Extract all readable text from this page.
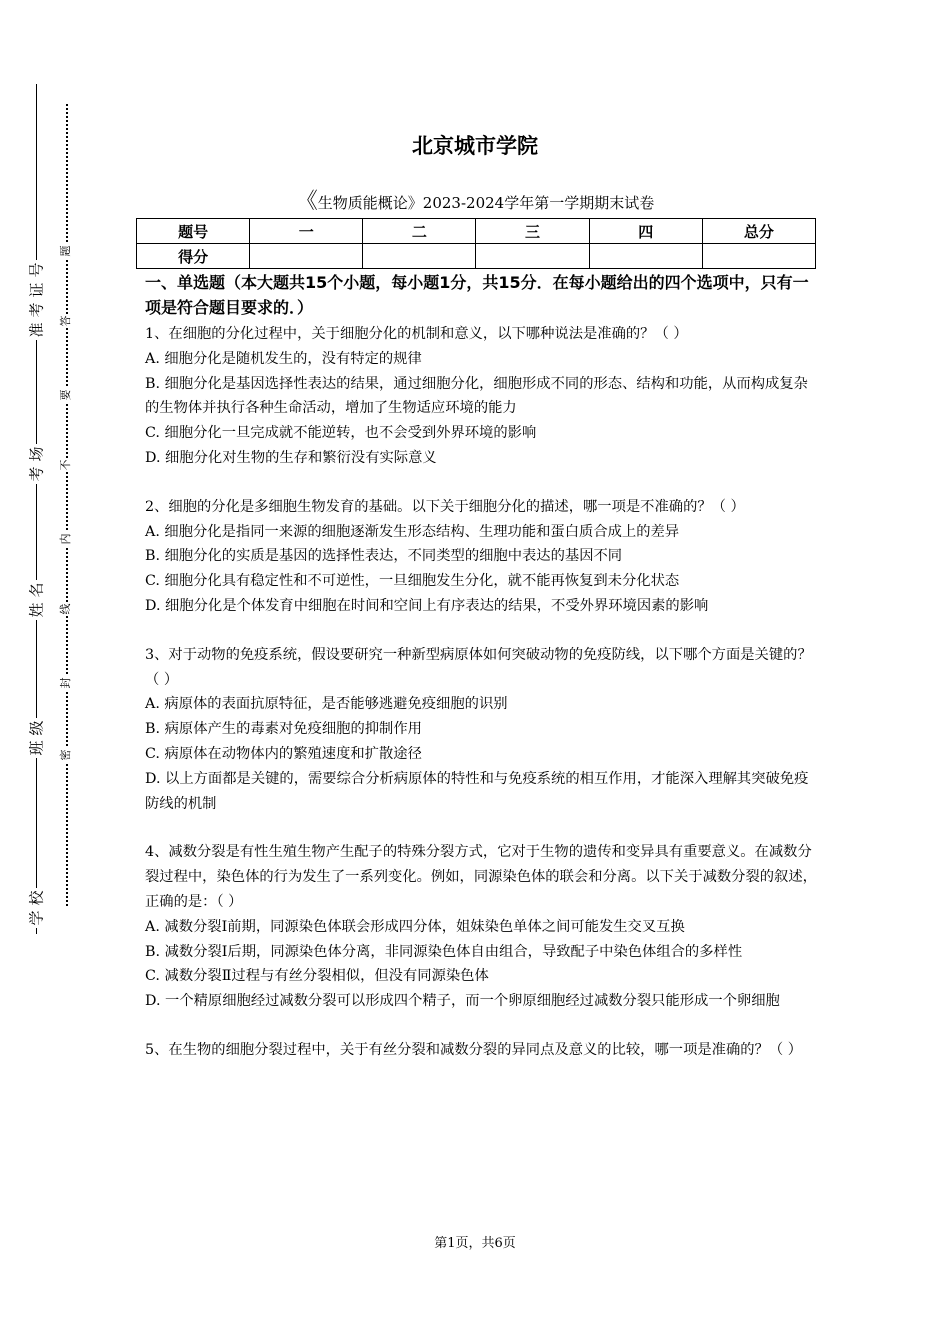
号
证
考
准
场
考
名
姓
级
班
校
学
题
答
要
不
内
线
封
密
北京城市学院
《生物质能概论》2023-2024学年第一学期期末试卷
题号	一	二	三	四	总分
得分					
一、单选题（本大题共15个小题，每小题1分，共15分．在每小题给出的四个选项中，只有一项是符合题目要求的．）

1、在细胞的分化过程中，关于细胞分化的机制和意义，以下哪种说法是准确的？（ ）

A. 细胞分化是随机发生的，没有特定的规律

B. 细胞分化是基因选择性表达的结果，通过细胞分化，细胞形成不同的形态、结构和功能，从而构成复杂的生物体并执行各种生命活动，增加了生物适应环境的能力

C. 细胞分化一旦完成就不能逆转，也不会受到外界环境的影响

D. 细胞分化对生物的生存和繁衍没有实际意义

2、细胞的分化是多细胞生物发育的基础。以下关于细胞分化的描述，哪一项是不准确的？（ ）

A. 细胞分化是指同一来源的细胞逐渐发生形态结构、生理功能和蛋白质合成上的差异

B. 细胞分化的实质是基因的选择性表达，不同类型的细胞中表达的基因不同

C. 细胞分化具有稳定性和不可逆性，一旦细胞发生分化，就不能再恢复到未分化状态

D. 细胞分化是个体发育中细胞在时间和空间上有序表达的结果，不受外界环境因素的影响

3、对于动物的免疫系统，假设要研究一种新型病原体如何突破动物的免疫防线，以下哪个方面是关键的？（ ）

A. 病原体的表面抗原特征，是否能够逃避免疫细胞的识别

B. 病原体产生的毒素对免疫细胞的抑制作用

C. 病原体在动物体内的繁殖速度和扩散途径

D. 以上方面都是关键的，需要综合分析病原体的特性和与免疫系统的相互作用，才能深入理解其突破免疫防线的机制

4、减数分裂是有性生殖生物产生配子的特殊分裂方式，它对于生物的遗传和变异具有重要意义。在减数分裂过程中，染色体的行为发生了一系列变化。例如，同源染色体的联会和分离。以下关于减数分裂的叙述，正确的是：（ ）

A. 减数分裂Ⅰ前期，同源染色体联会形成四分体，姐妹染色单体之间可能发生交叉互换

B. 减数分裂Ⅰ后期，同源染色体分离，非同源染色体自由组合，导致配子中染色体组合的多样性

C. 减数分裂Ⅱ过程与有丝分裂相似，但没有同源染色体

D. 一个精原细胞经过减数分裂可以形成四个精子，而一个卵原细胞经过减数分裂只能形成一个卵细胞

5、在生物的细胞分裂过程中，关于有丝分裂和减数分裂的异同点及意义的比较，哪一项是准确的？（ ）

第1页，共6页
